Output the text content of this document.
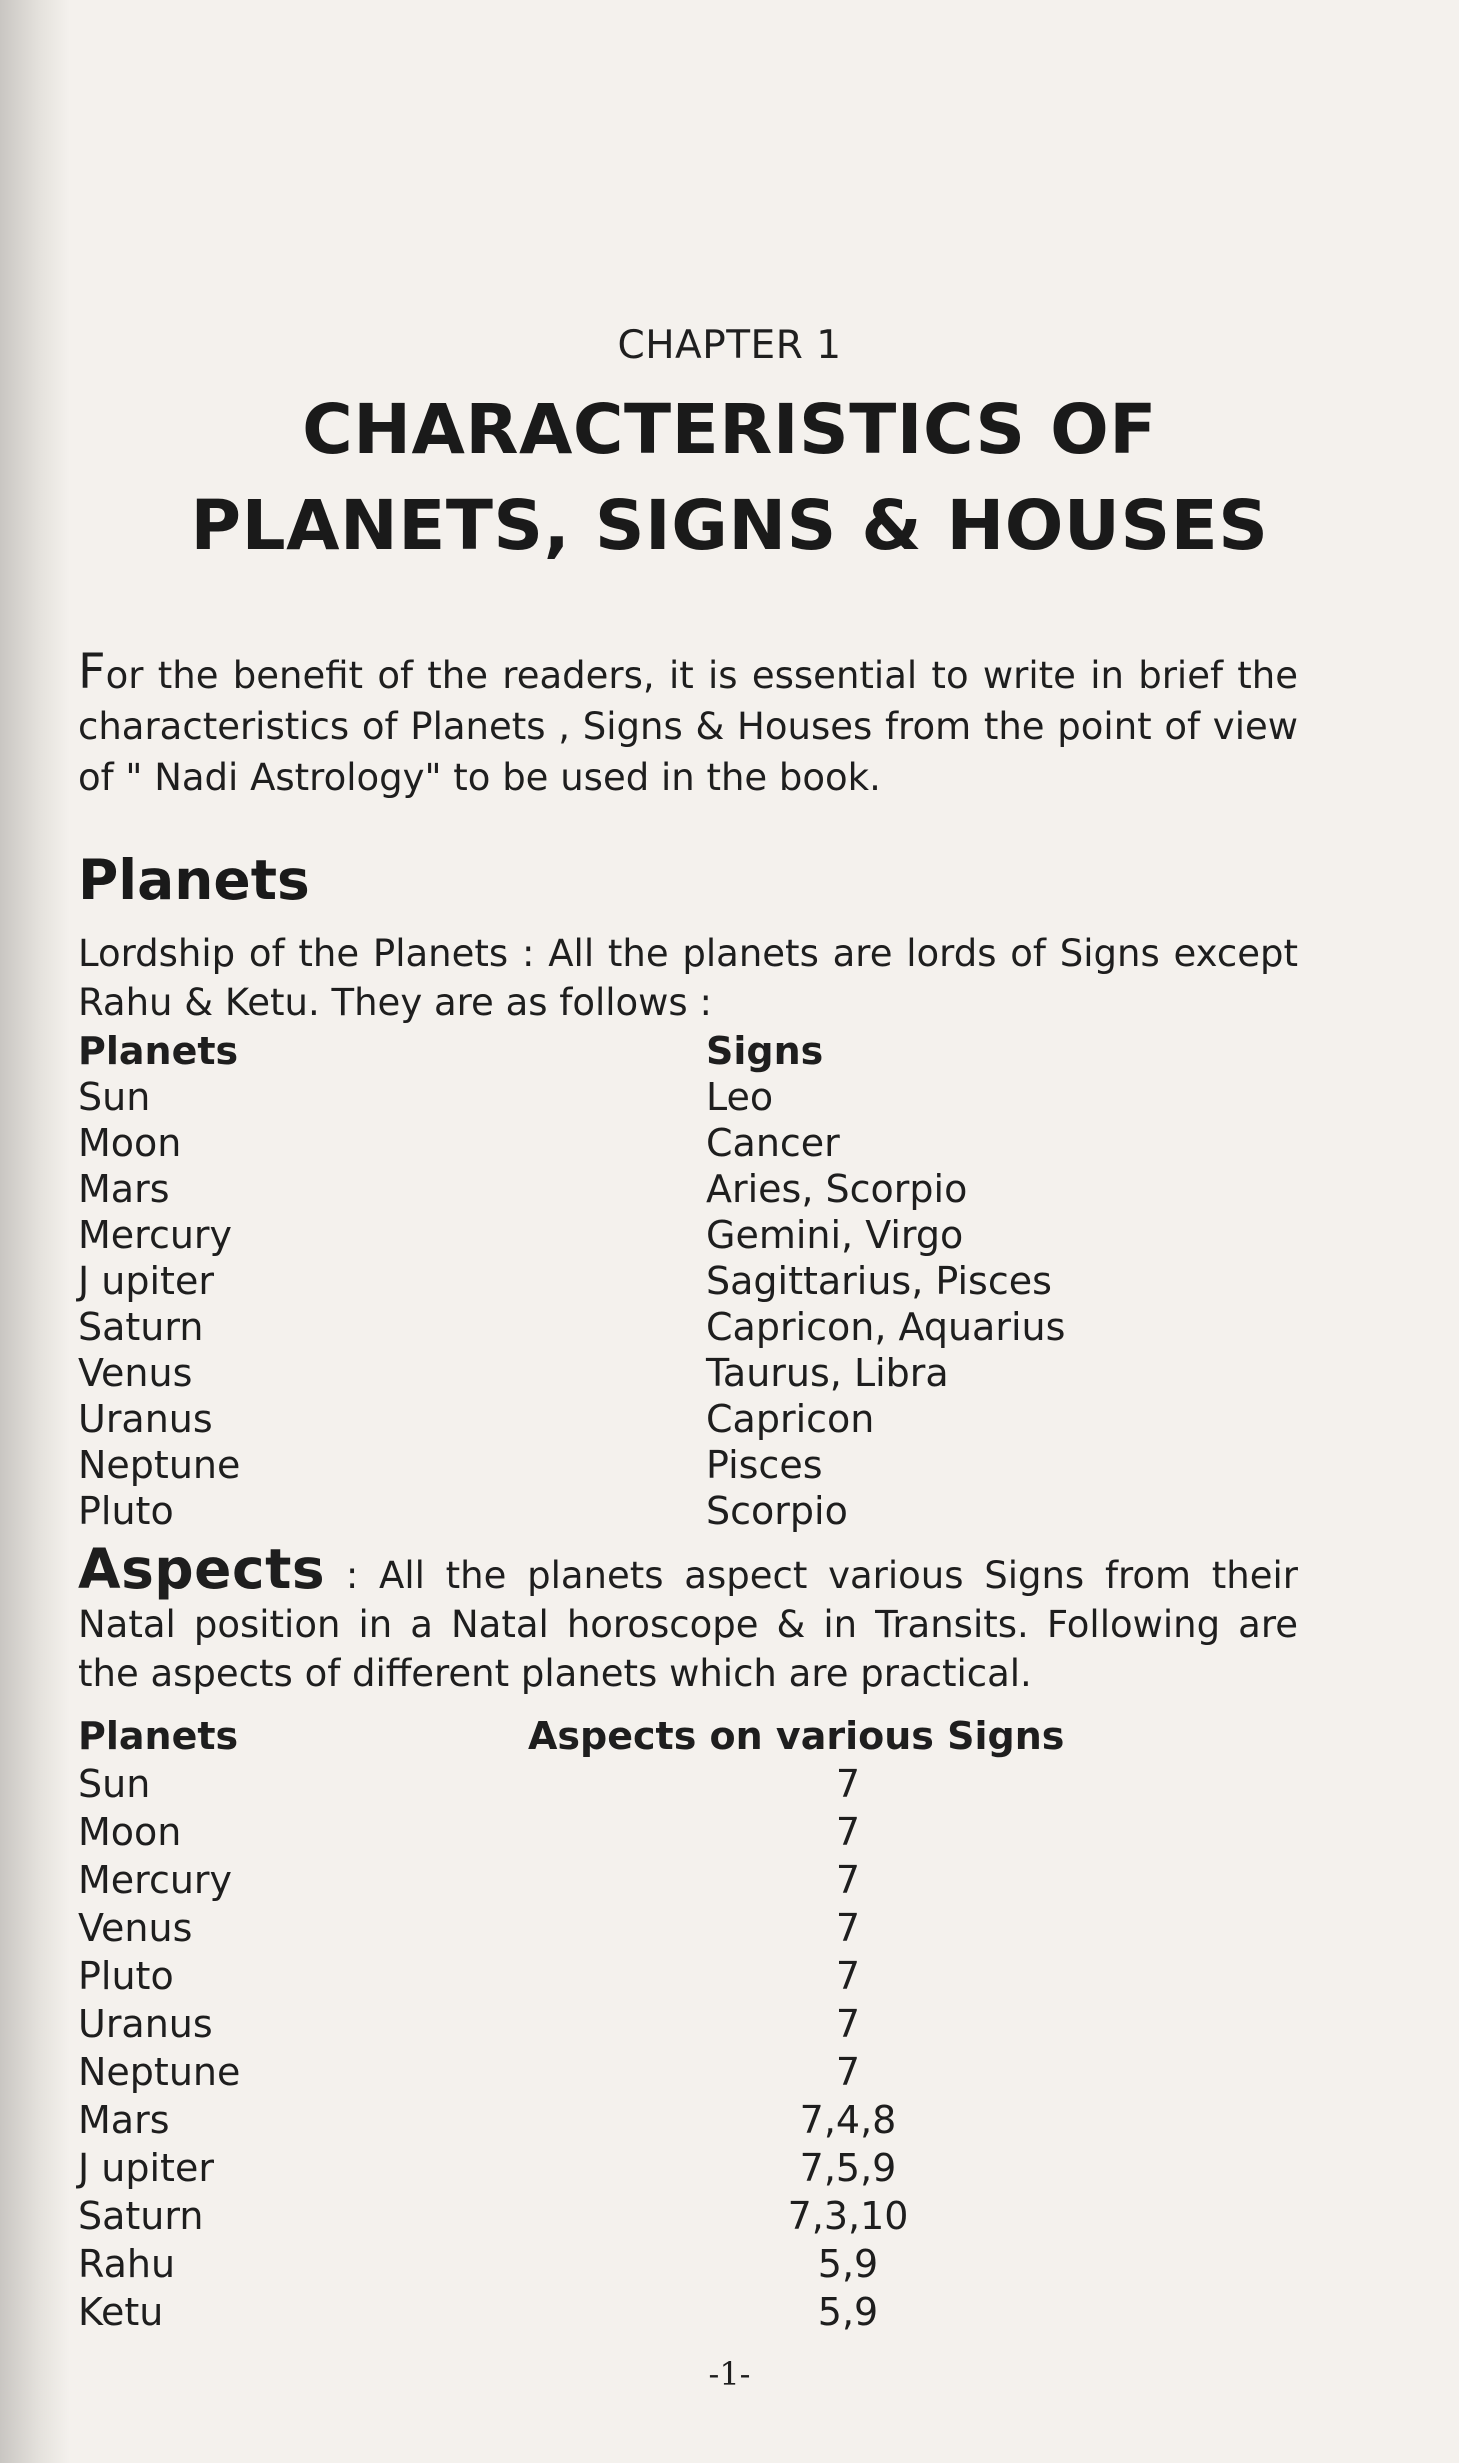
CHAPTER 1
CHARACTERISTICS OF
PLANETS, SIGNS & HOUSES
For the benefit of the readers, it is essential to write in brief the characteristics of Planets , Signs & Houses from the point of view of " Nadi Astrology" to be used in the book.
Planets
Lordship of the Planets : All the planets are lords of Signs except Rahu & Ketu. They are as follows :
Planets	Signs
Sun	Leo
Moon	Cancer
Mars	Aries, Scorpio
Mercury	Gemini, Virgo
J upiter	Sagittarius, Pisces
Saturn	Capricon, Aquarius
Venus	Taurus, Libra
Uranus	Capricon
Neptune	Pisces
Pluto	Scorpio
Aspects : All the planets aspect various Signs from their Natal position in a Natal horoscope & in Transits. Following are the aspects of different planets which are practical.
Planets	Aspects on various Signs
Sun	7
Moon	7
Mercury	7
Venus	7
Pluto	7
Uranus	7
Neptune	7
Mars	7,4,8
J upiter	7,5,9
Saturn	7,3,10
Rahu	5,9
Ketu	5,9
-1-
